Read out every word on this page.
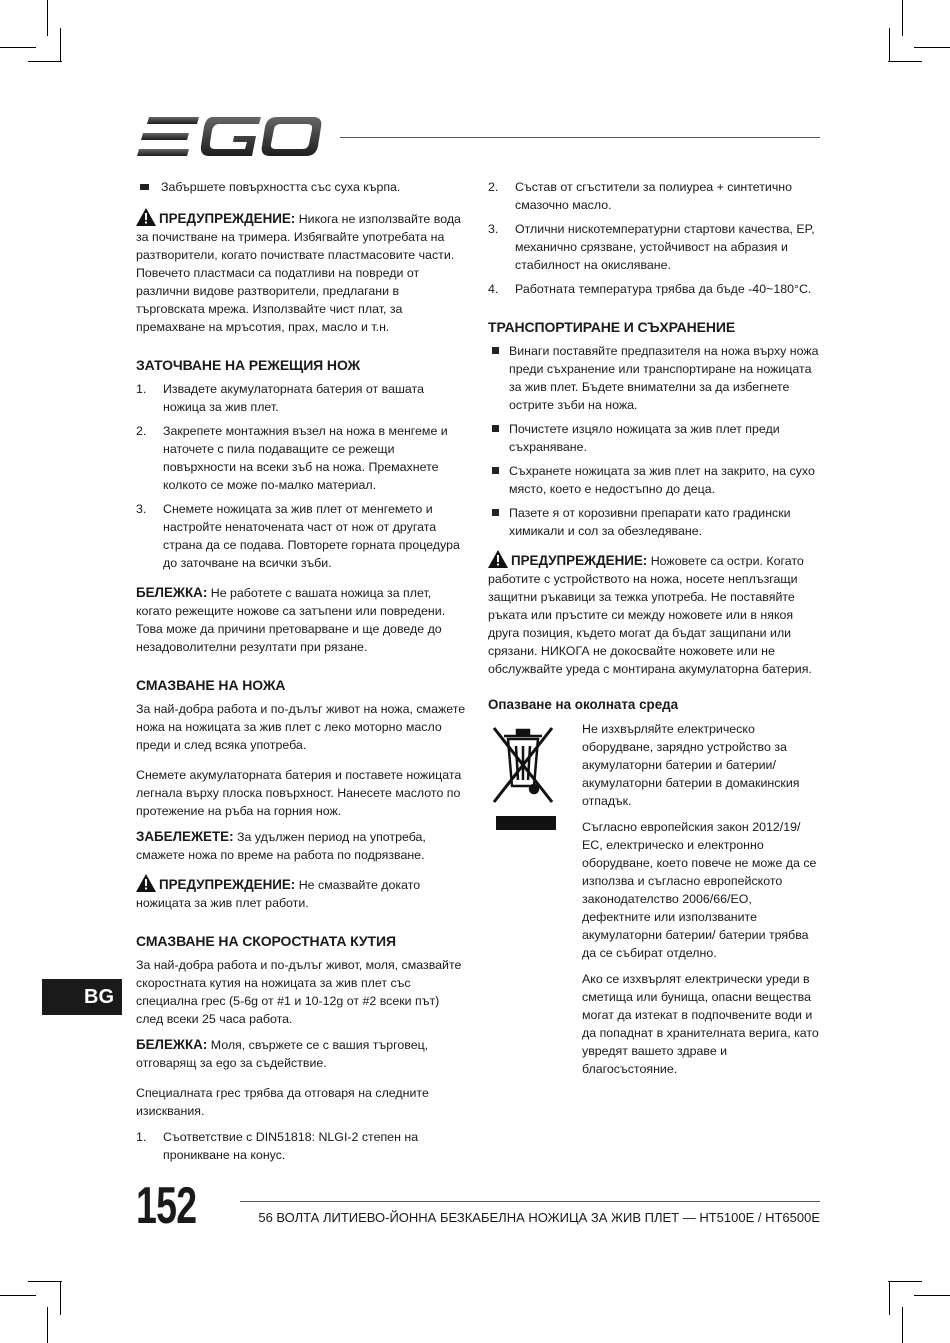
Забършете повърхността със суха кърпа.

ПРЕДУПРЕЖДЕНИЕ: Никога не използвайте вода за почистване на тримера. Избягвайте употребата на разтворители, когато почиствате пластмасовите части. Повечето пластмаси са податливи на повреди от различни видове разтворители, предлагани в търговската мрежа. Използвайте чист плат, за премахване на мръсотия, прах, масло и т.н.

ЗАТОЧВАНЕ НА РЕЖЕЩИЯ НОЖ
1.	Извадете акумулаторната батерия от вашата ножица за жив плет.
2.	Закрепете монтажния възел на ножа в менгеме и наточете с пила подаващите се режещи повърхности на всеки зъб на ножа. Премахнете колкото се може по-малко материал.
3.	Снемете ножицата за жив плет от менгемето и настройте ненаточената част от нож от другата страна да се подава. Повторете горната процедура до заточване на всички зъби.

БЕЛЕЖКА: Не работете с вашата ножица за плет, когато режещите ножове са затъпени или повредени. Това може да причини претоварване и ще доведе до незадоволителни резултати при рязане.

СМАЗВАНЕ НА НОЖА

За най-добра работа и по-дълъг живот на ножа, смажете ножа на ножицата за жив плет с леко моторно масло преди и след всяка употреба.

Снемете акумулаторната батерия и поставете ножицата легнала върху плоска повърхност. Нанесете маслото по протежение на ръба на горния нож.

ЗАБЕЛЕЖЕТЕ: За удължен период на употреба, смажете ножа по време на работа по подрязване.

ПРЕДУПРЕЖДЕНИЕ: Не смазвайте докато ножицата за жив плет работи.

СМАЗВАНЕ НА СКОРОСТНАТА КУТИЯ

За най-добра работа и по-дълъг живот, моля, смазвайте скоростната кутия на ножицата за жив плет със специална грес (5-6g от #1 и 10-12g от #2 всеки път) след всеки 25 часа работа.

БЕЛЕЖКА: Моля, свържете се с вашия търговец, отговарящ за ego за съдействие.

Специалната грес трябва да отговаря на следните изисквания.

1.	Съответствие с DIN51818: NLGI-2 степен на проникване на конус.
2.	Състав от сгъстители за полиуреа + синтетично смазочно масло.
3.	Отлични нискотемпературни стартови качества, EP, механично срязване, устойчивост на абразия и стабилност на окисляване.
4.	Работната температура трябва да бъде -40~180°C.
ТРАНСПОРТИРАНЕ И СЪХРАНЕНИЕ
Винаги поставяйте предпазителя на ножа върху ножа преди съхранение или транспортиране на ножицата за жив плет. Бъдете внимателни за да избегнете острите зъби на ножа.
Почистете изцяло ножицата за жив плет преди съхраняване.
Съхранете ножицата за жив плет на закрито, на сухо място, което е недостъпно до деца.
Пазете я от корозивни препарати като градински химикали и сол за обезледяване.

ПРЕДУПРЕЖДЕНИЕ: Ножовете са остри. Когато работите с устройството на ножа, носете неплъзгащи защитни ръкавици за тежка употреба. Не поставяйте ръката или пръстите си между ножовете или в някоя друга позиция, където могат да бъдат защипани или срязани. НИКОГА не докосвайте ножовете или не обслужвайте уреда с монтирана акумулаторна батерия.

Опазване на околната среда

Не изхвърляйте електрическо оборудване, зарядно устройство за акумулаторни батерии и батерии/ акумулаторни батерии в домакинския отпадък.

Съгласно европейския закон 2012/19/ЕС, електрическо и електронно оборудване, което повече не може да се използва и съгласно европейското законодателство 2006/66/ЕО, дефектните или използваните акумулаторни батерии/ батерии трябва да се събират отделно.

Ако се изхвърлят електрически уреди в сметища или бунища, опасни вещества могат да изтекат в подпочвените води и да попаднат в хранителната верига, като увредят вашето здраве и благосъстояние.

BG
152	56 ВОЛТА ЛИТИЕВО-ЙОННА БЕЗКАБЕЛНА НОЖИЦА ЗА ЖИВ ПЛЕТ — HT5100E / HT6500E
